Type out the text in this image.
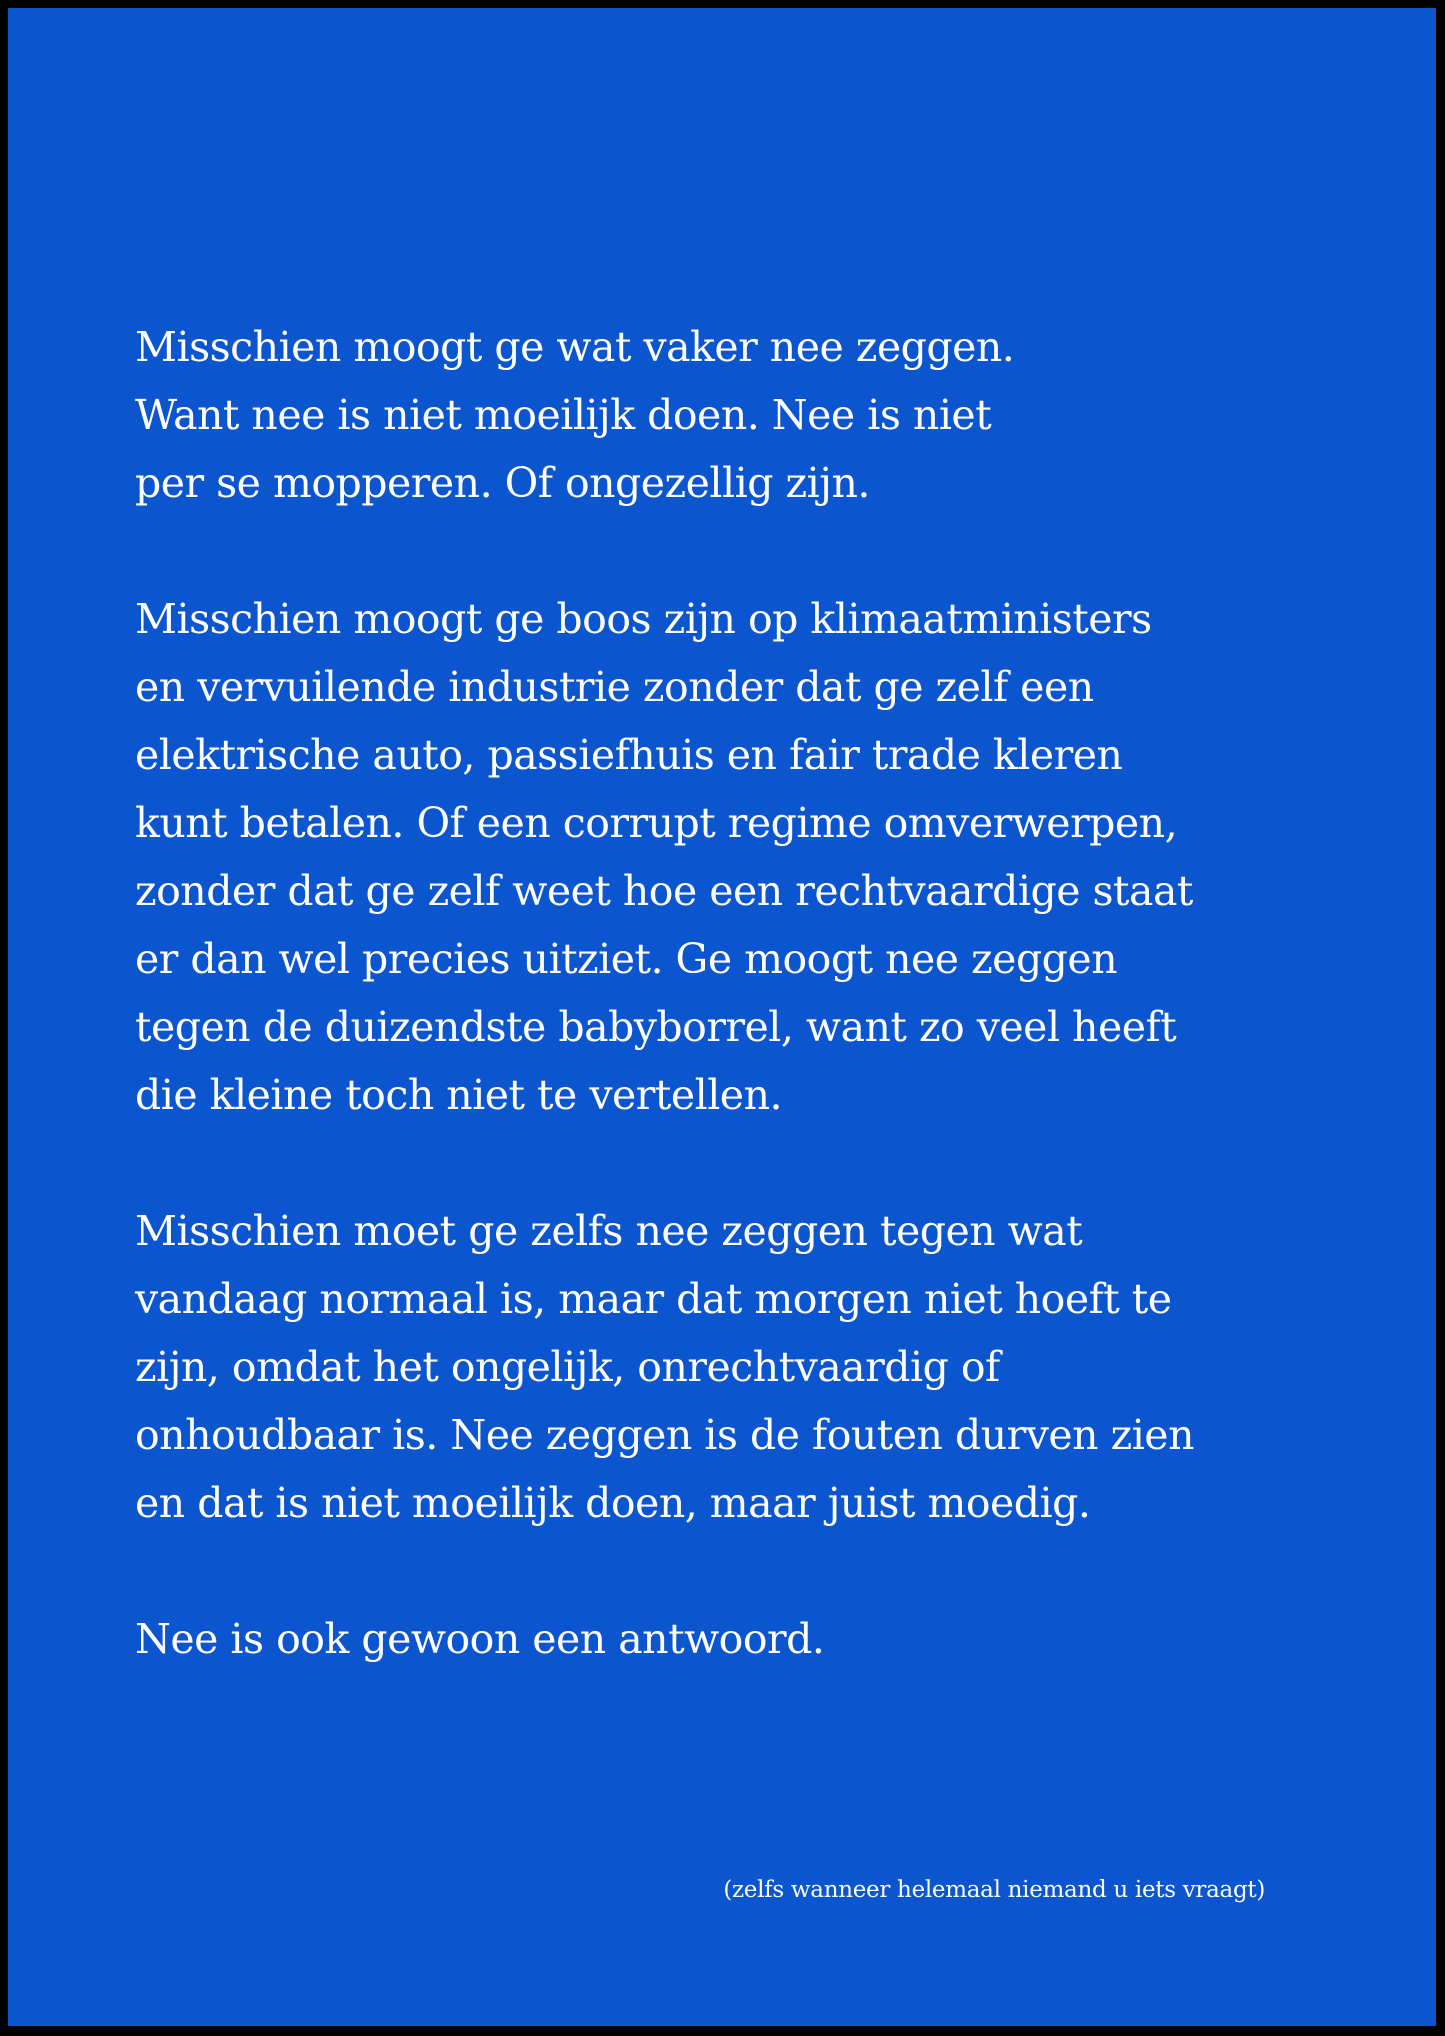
Misschien moogt ge wat vaker nee zeggen.
Want nee is niet moeilijk doen. Nee is niet
per se mopperen. Of ongezellig zijn.

Misschien moogt ge boos zijn op klimaatministers
en vervuilende industrie zonder dat ge zelf een
elektrische auto, passiefhuis en fair trade kleren
kunt betalen. Of een corrupt regime omverwerpen,
zonder dat ge zelf weet hoe een rechtvaardige staat
er dan wel precies uitziet. Ge moogt nee zeggen
tegen de duizendste babyborrel, want zo veel heeft
die kleine toch niet te vertellen.

Misschien moet ge zelfs nee zeggen tegen wat
vandaag normaal is, maar dat morgen niet hoeft te
zijn, omdat het ongelijk, onrechtvaardig of
onhoudbaar is. Nee zeggen is de fouten durven zien
en dat is niet moeilijk doen, maar juist moedig.

Nee is ook gewoon een antwoord.

(zelfs wanneer helemaal niemand u iets vraagt)
